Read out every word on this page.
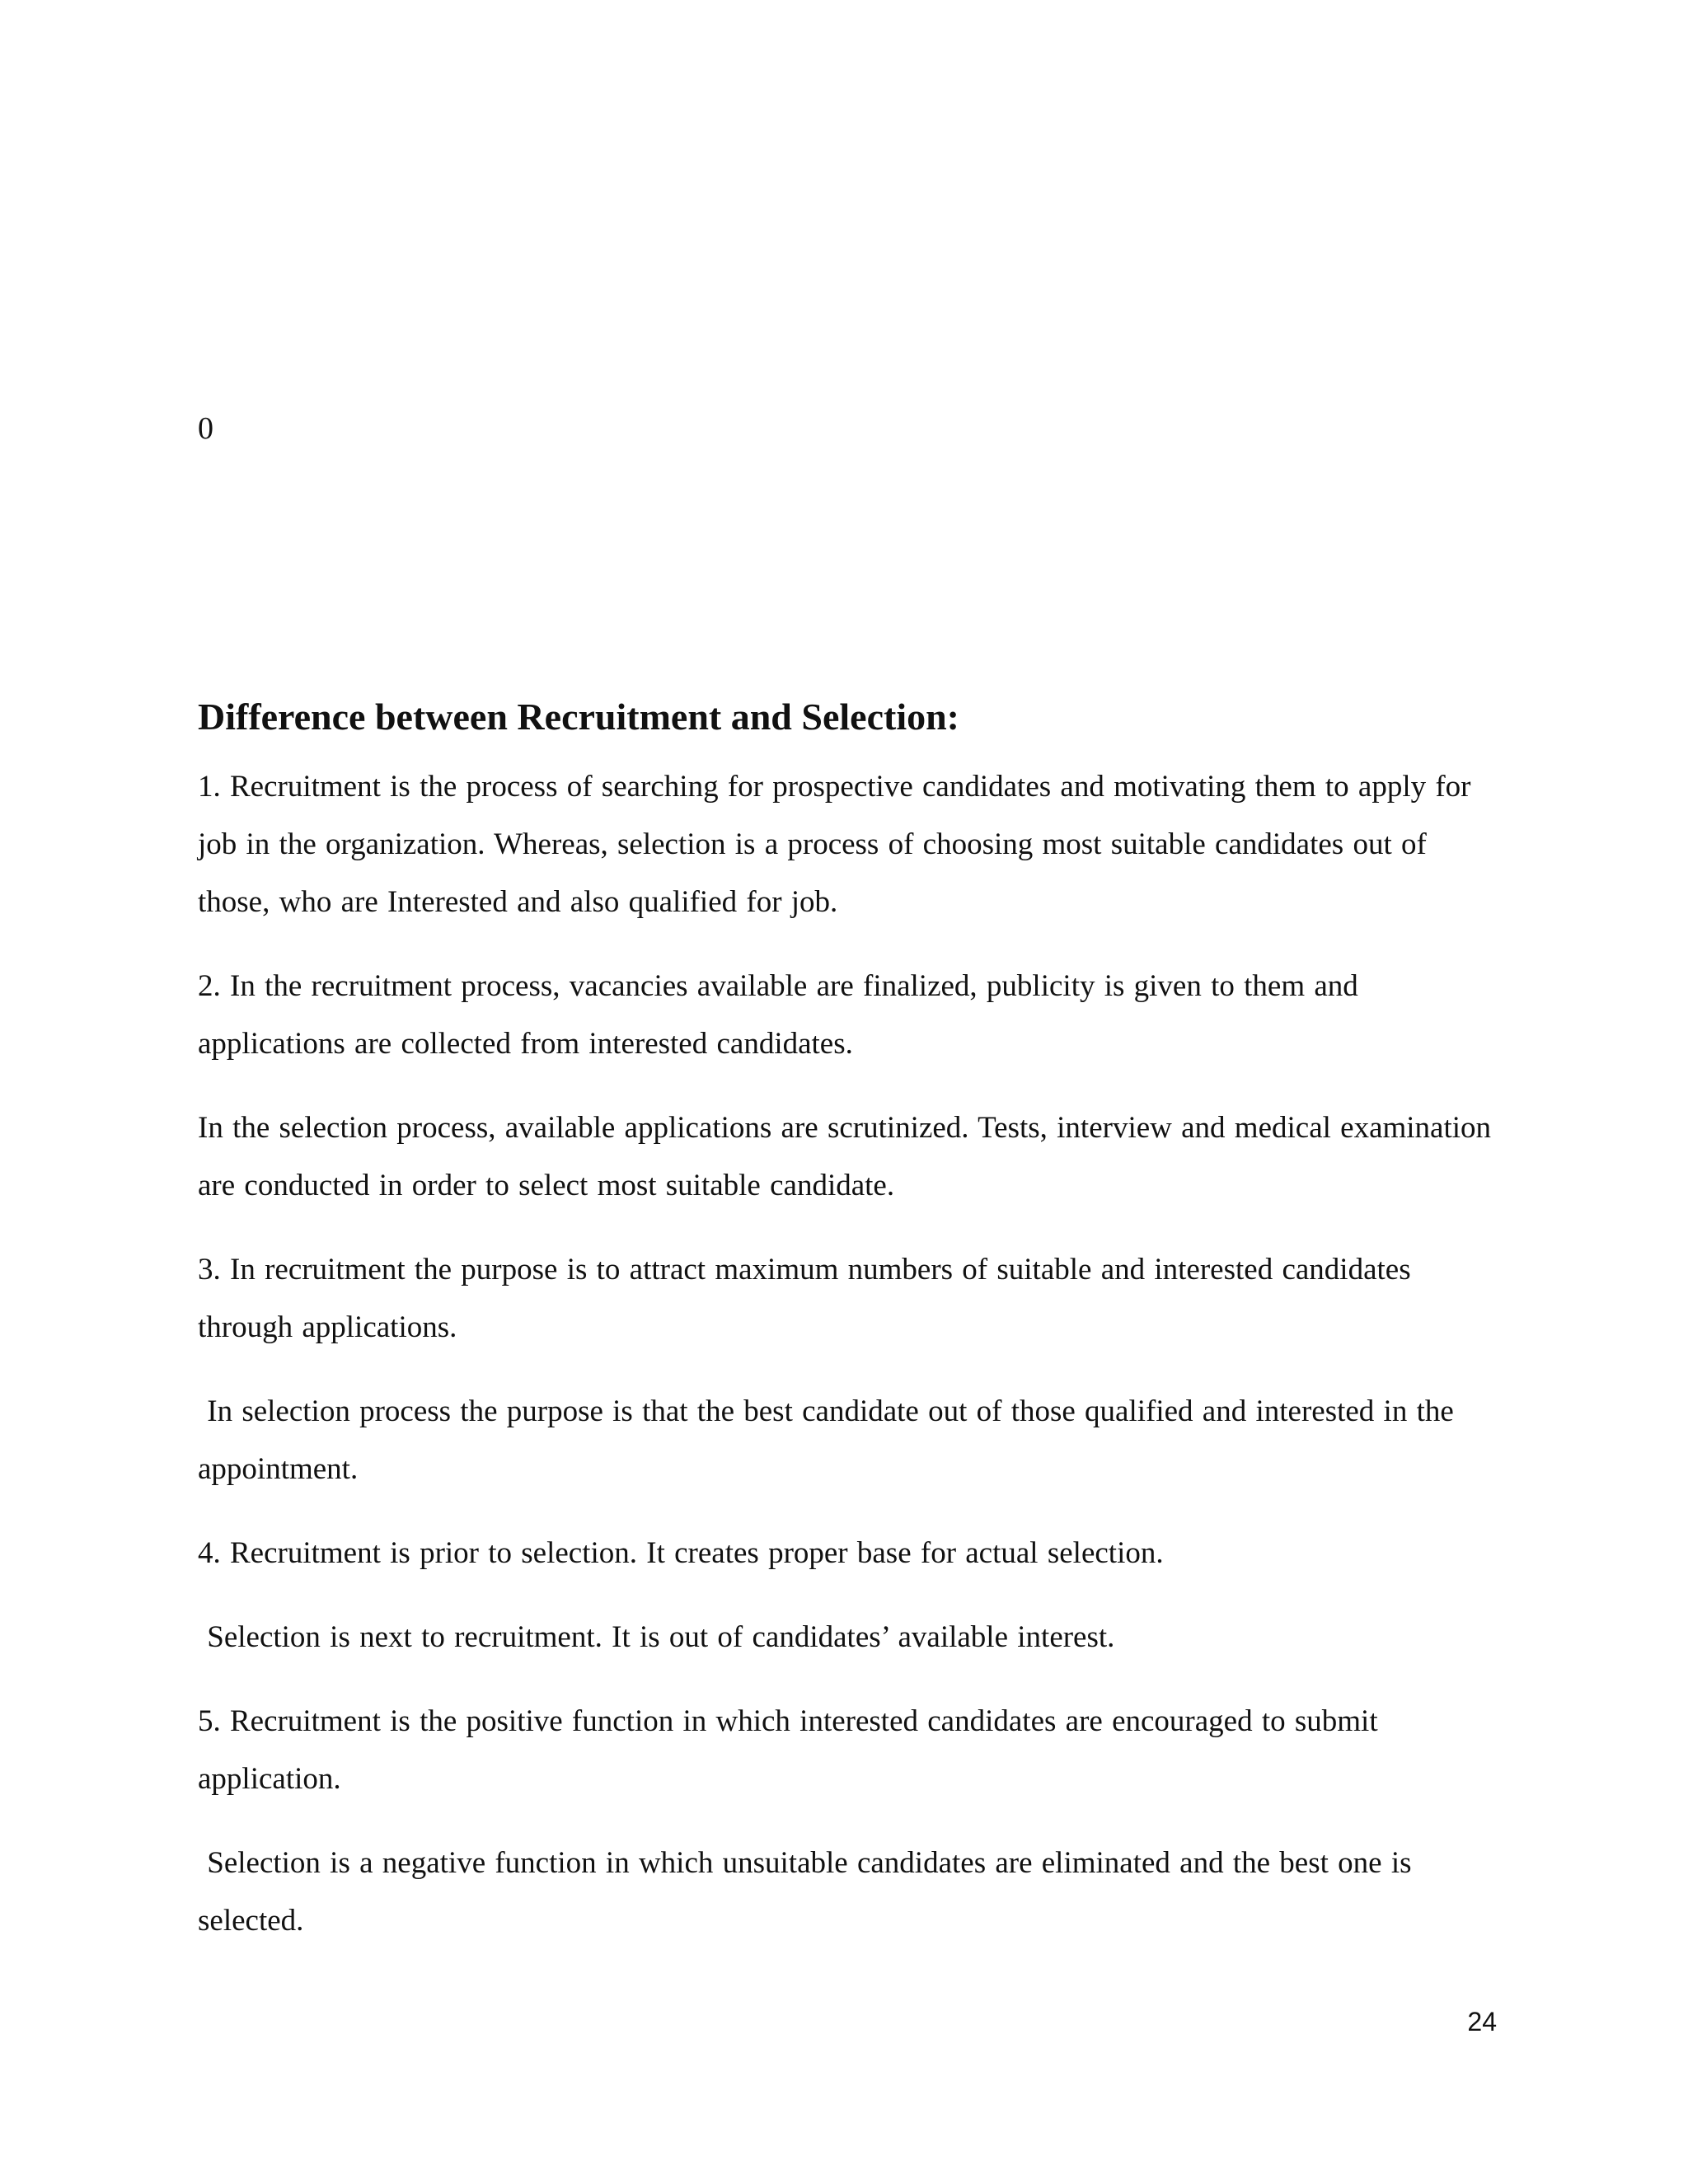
0
Difference between Recruitment and Selection:

1. Recruitment is the process of searching for prospective candidates and motivating them to apply for job in the organization. Whereas, selection is a process of choosing most suitable candidates out of those, who are Interested and also qualified for job.

2. In the recruitment process, vacancies available are finalized, publicity is given to them and applications are collected from interested candidates.

In the selection process, available applications are scrutinized. Tests, interview and medical examination are conducted in order to select most suitable candidate.

3. In recruitment the purpose is to attract maximum numbers of suitable and interested candidates through applications.

In selection process the purpose is that the best candidate out of those qualified and interested in the appointment.

4. Recruitment is prior to selection. It creates proper base for actual selection.

Selection is next to recruitment. It is out of candidates’ available interest.

5. Recruitment is the positive function in which interested candidates are encouraged to submit application.

Selection is a negative function in which unsuitable candidates are eliminated and the best one is selected.

24
